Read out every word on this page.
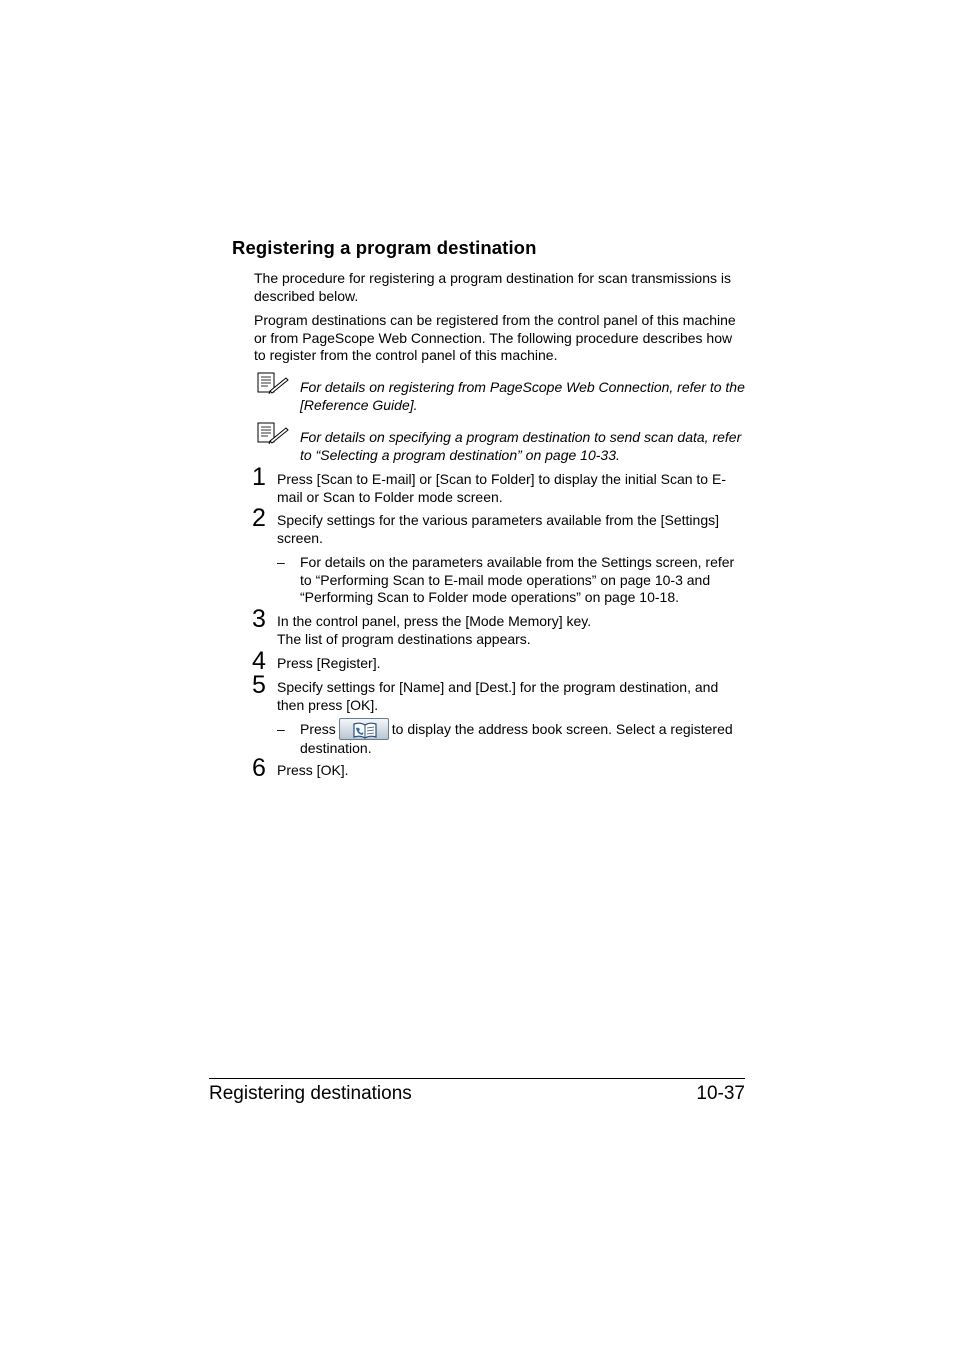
Registering a program destination

The procedure for registering a program destination for scan transmissions is described below.

Program destinations can be registered from the control panel of this machine or from PageScope Web Connection. The following procedure describes how to register from the control panel of this machine.

For details on registering from PageScope Web Connection, refer to the [Reference Guide].

For details on specifying a program destination to send scan data, refer to “Selecting a program destination” on page 10-33.

1 Press [Scan to E-mail] or [Scan to Folder] to display the initial Scan to E-mail or Scan to Folder mode screen.

2 Specify settings for the various parameters available from the [Settings] screen.

– For details on the parameters available from the Settings screen, refer to “Performing Scan to E-mail mode operations” on page 10-3 and “Performing Scan to Folder mode operations” on page 10-18.

3 In the control panel, press the [Mode Memory] key.

The list of program destinations appears.

4 Press [Register].

5 Specify settings for [Name] and [Dest.] for the program destination, and then press [OK].

– Press	to display the address book screen. Select a registered destination.

6 Press [OK].

Registering destinations	10-37
